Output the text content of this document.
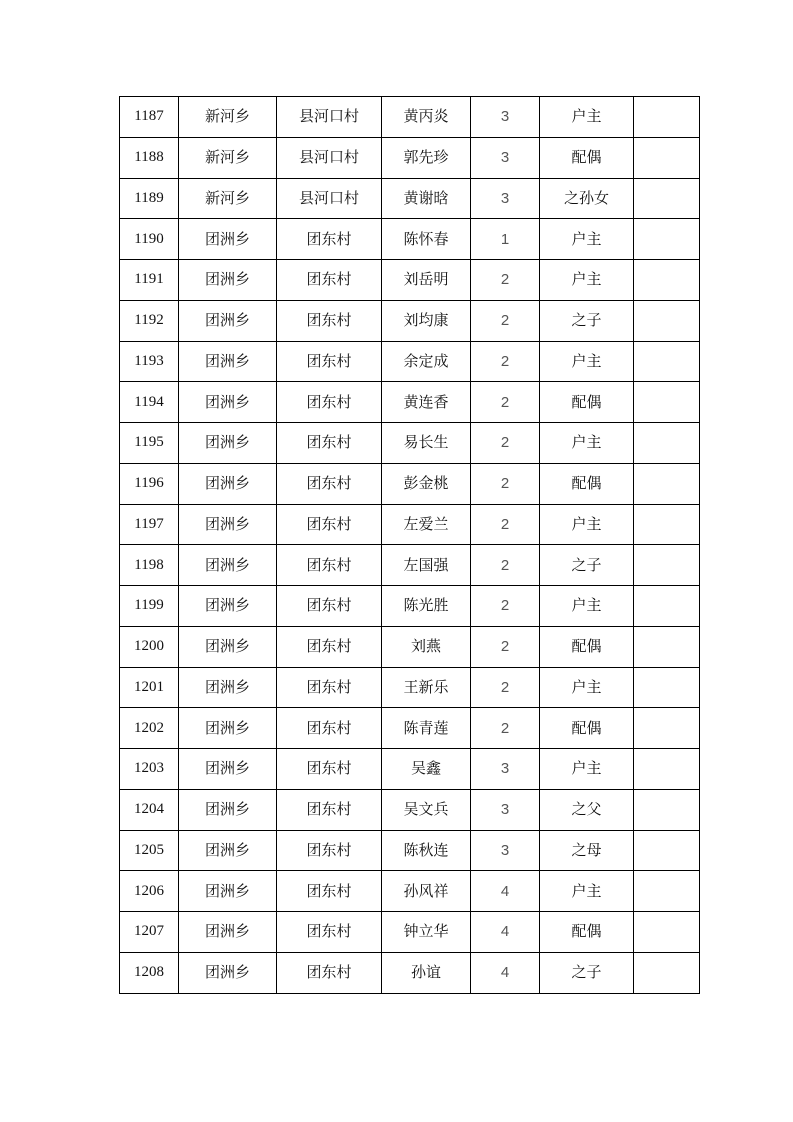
1187	新河乡	县河口村	黄丙炎	3	户主	
1188	新河乡	县河口村	郭先珍	3	配偶	
1189	新河乡	县河口村	黄谢晗	3	之孙女	
1190	团洲乡	团东村	陈怀春	1	户主	
1191	团洲乡	团东村	刘岳明	2	户主	
1192	团洲乡	团东村	刘均康	2	之子	
1193	团洲乡	团东村	余定成	2	户主	
1194	团洲乡	团东村	黄连香	2	配偶	
1195	团洲乡	团东村	易长生	2	户主	
1196	团洲乡	团东村	彭金桃	2	配偶	
1197	团洲乡	团东村	左爱兰	2	户主	
1198	团洲乡	团东村	左国强	2	之子	
1199	团洲乡	团东村	陈光胜	2	户主	
1200	团洲乡	团东村	刘燕	2	配偶	
1201	团洲乡	团东村	王新乐	2	户主	
1202	团洲乡	团东村	陈青莲	2	配偶	
1203	团洲乡	团东村	吴鑫	3	户主	
1204	团洲乡	团东村	吴文兵	3	之父	
1205	团洲乡	团东村	陈秋连	3	之母	
1206	团洲乡	团东村	孙风祥	4	户主	
1207	团洲乡	团东村	钟立华	4	配偶	
1208	团洲乡	团东村	孙谊	4	之子	
